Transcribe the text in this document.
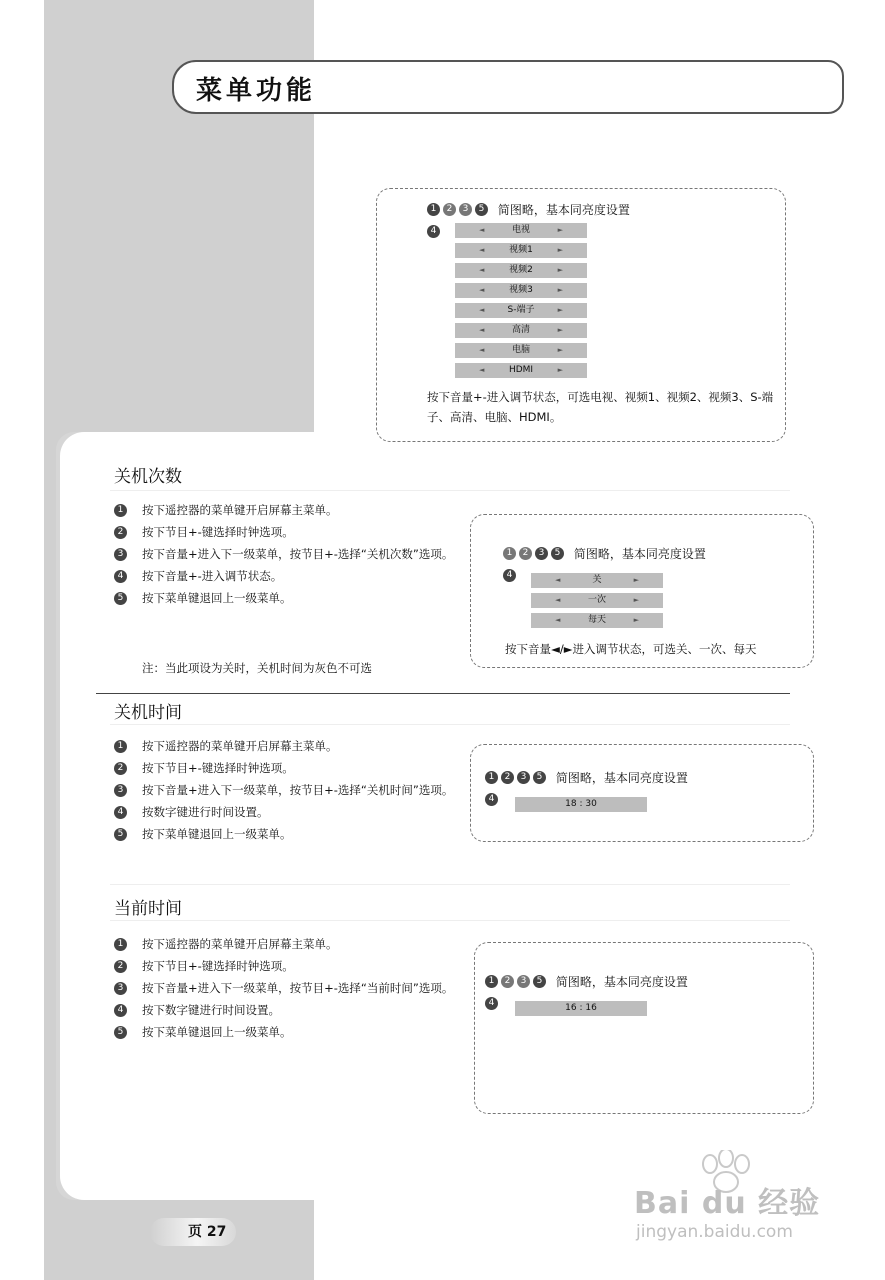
菜单功能
1	2	3	5	简图略，基本同亮度设置
4	◄	电视	►
◄	视频1	►
◄	视频2	►
◄	视频3	►
◄	S-端子	►
◄	高清	►
◄	电脑	►
◄	HDMI	►
按下音量+-进入调节状态，可选电视、视频1、视频2、视频3、S-端子、高清、电脑、HDMI。
关机次数
1	按下遥控器的菜单键开启屏幕主菜单。
2	按下节目+-键选择时钟选项。
3	按下音量+进入下一级菜单，按节目+-选择“关机次数”选项。
4	按下音量+-进入调节状态。
5	按下菜单键退回上一级菜单。
注：当此项设为关时，关机时间为灰色不可选
1	2	3	5	简图略，基本同亮度设置
4	◄	关	►
◄	一次	►
◄	每天	►
按下音量◄/►进入调节状态，可选关、一次、每天
关机时间
1	按下遥控器的菜单键开启屏幕主菜单。
2	按下节目+-键选择时钟选项。
3	按下音量+进入下一级菜单，按节目+-选择“关机时间”选项。
4	按数字键进行时间设置。
5	按下菜单键退回上一级菜单。
1	2	3	5	简图略，基本同亮度设置
4	18 : 30
当前时间
1	按下遥控器的菜单键开启屏幕主菜单。
2	按下节目+-键选择时钟选项。
3	按下音量+进入下一级菜单，按节目+-选择“当前时间”选项。
4	按下数字键进行时间设置。
5	按下菜单键退回上一级菜单。
1	2	3	5	简图略，基本同亮度设置
4	16 : 16
页 27
Bai du 经验
jingyan.baidu.com
